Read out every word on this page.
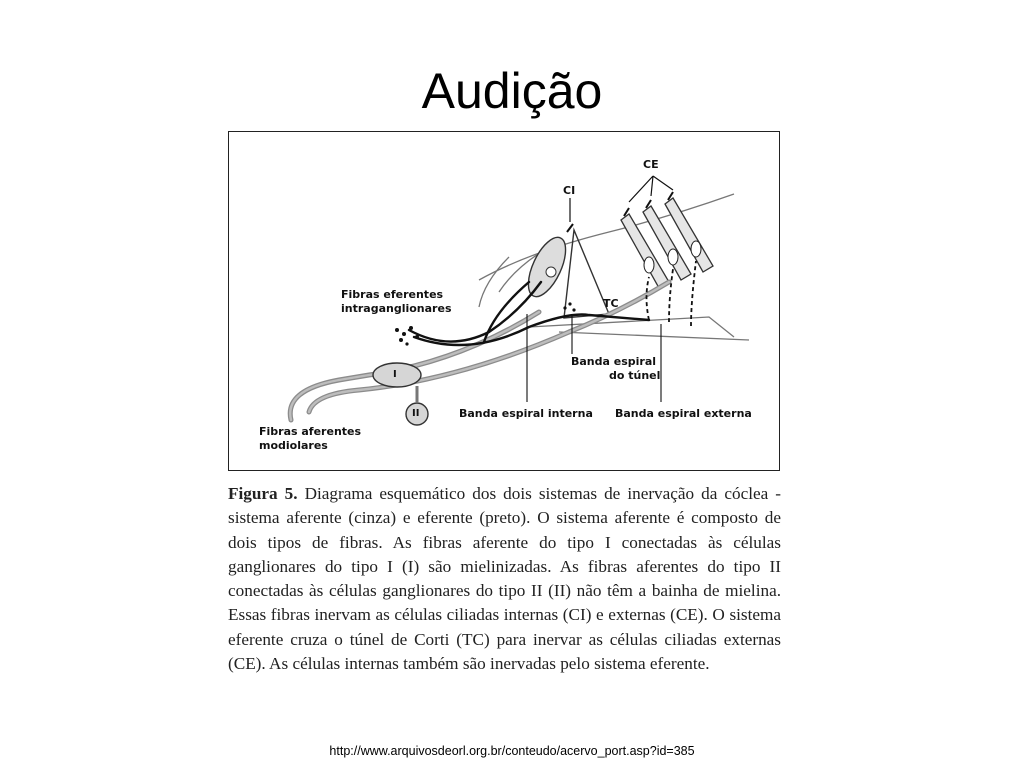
Audição
CE
CI
TC
I
II
Fibras eferentes
intraganglionares
Banda espiral
do túnel
Banda espiral interna Banda espiral externa
Fibras aferentes
modiolares
Figura 5. Diagrama esquemático dos dois sistemas de inervação da cóclea - sistema aferente (cinza) e eferente (preto). O sistema aferente é composto de dois tipos de fibras. As fibras aferente do tipo I conectadas às células ganglionares do tipo I (I) são mielinizadas. As fibras aferentes do tipo II conectadas às células ganglionares do tipo II (II) não têm a bainha de mielina. Essas fibras inervam as células ciliadas internas (CI) e externas (CE). O sistema eferente cruza o túnel de Corti (TC) para inervar as células ciliadas externas (CE). As células internas também são inervadas pelo sistema eferente.
http://www.arquivosdeorl.org.br/conteudo/acervo_port.asp?id=385
